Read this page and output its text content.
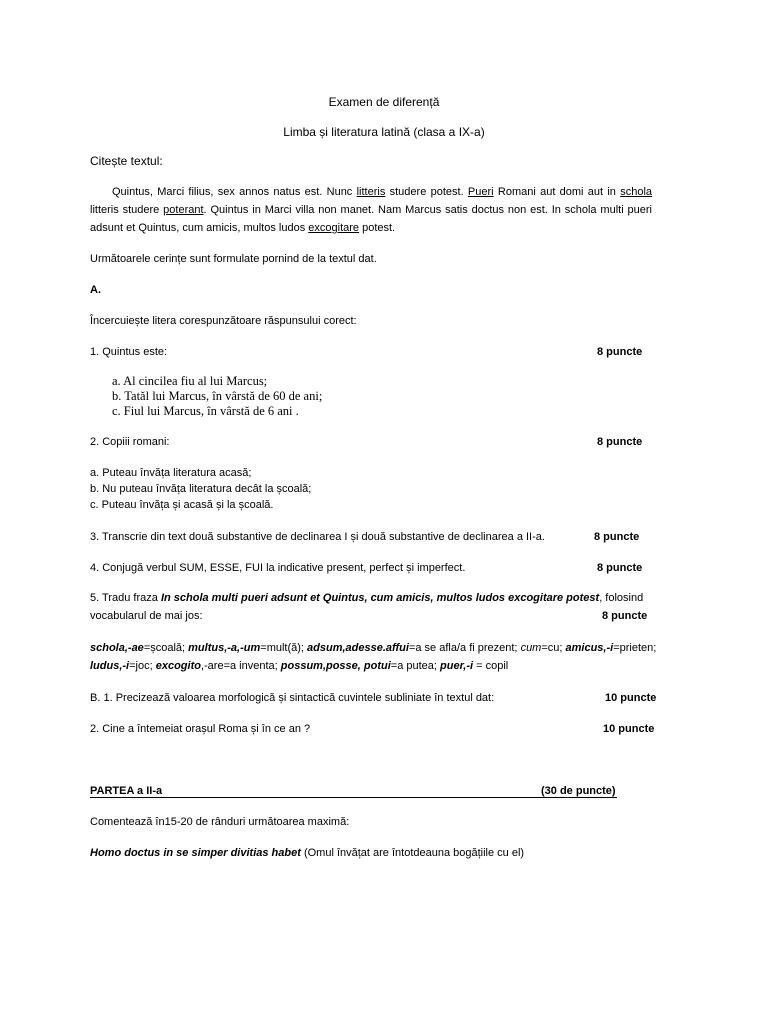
Examen de diferență
Limba și literatura latină (clasa a IX-a)
Citește textul:
Quintus, Marci filius, sex annos natus est. Nunc litteris studere potest. Pueri Romani aut domi aut in schola litteris studere poterant. Quintus in Marci villa non manet. Nam Marcus satis doctus non est. In schola multi pueri adsunt et Quintus, cum amicis, multos ludos excogitare potest.
Următoarele cerințe sunt formulate pornind de la textul dat.
A.
Încercuiește litera corespunzătoare răspunsului corect:
1. Quintus este:	8 puncte
a. Al cincilea fiu al lui Marcus;
b. Tatăl lui Marcus, în vârstă de 60 de ani;
c. Fiul lui Marcus, în vârstă de 6 ani .
2. Copiii romani:	8 puncte
a. Puteau învăța literatura acasă;
b. Nu puteau învăța literatura decât la școală;
c. Puteau învăța și acasă și la școală.
3. Transcrie din text două substantive de declinarea I și două substantive de declinarea a II-a.	8 puncte
4. Conjugă verbul SUM, ESSE, FUI la indicative present, perfect și imperfect.	8 puncte
5. Tradu fraza In schola multi pueri adsunt et Quintus, cum amicis, multos ludos excogitare potest, folosind
vocabularul de mai jos:	8 puncte
schola,-ae=școală; multus,-a,-um=mult(ă); adsum,adesse.affui=a se afla/a fi prezent; cum=cu; amicus,-i=prieten;
ludus,-i=joc; excogito,-are=a inventa; possum,posse, potui=a putea; puer,-i = copil
B. 1. Precizează valoarea morfologică și sintactică cuvintele subliniate în textul dat:	10 puncte
2. Cine a întemeiat orașul Roma și în ce an ?	10 puncte
PARTEA a II-a	(30 de puncte)
Comentează în15-20 de rânduri următoarea maximă:
Homo doctus in se simper divitias habet (Omul învățat are întotdeauna bogățiile cu el)
